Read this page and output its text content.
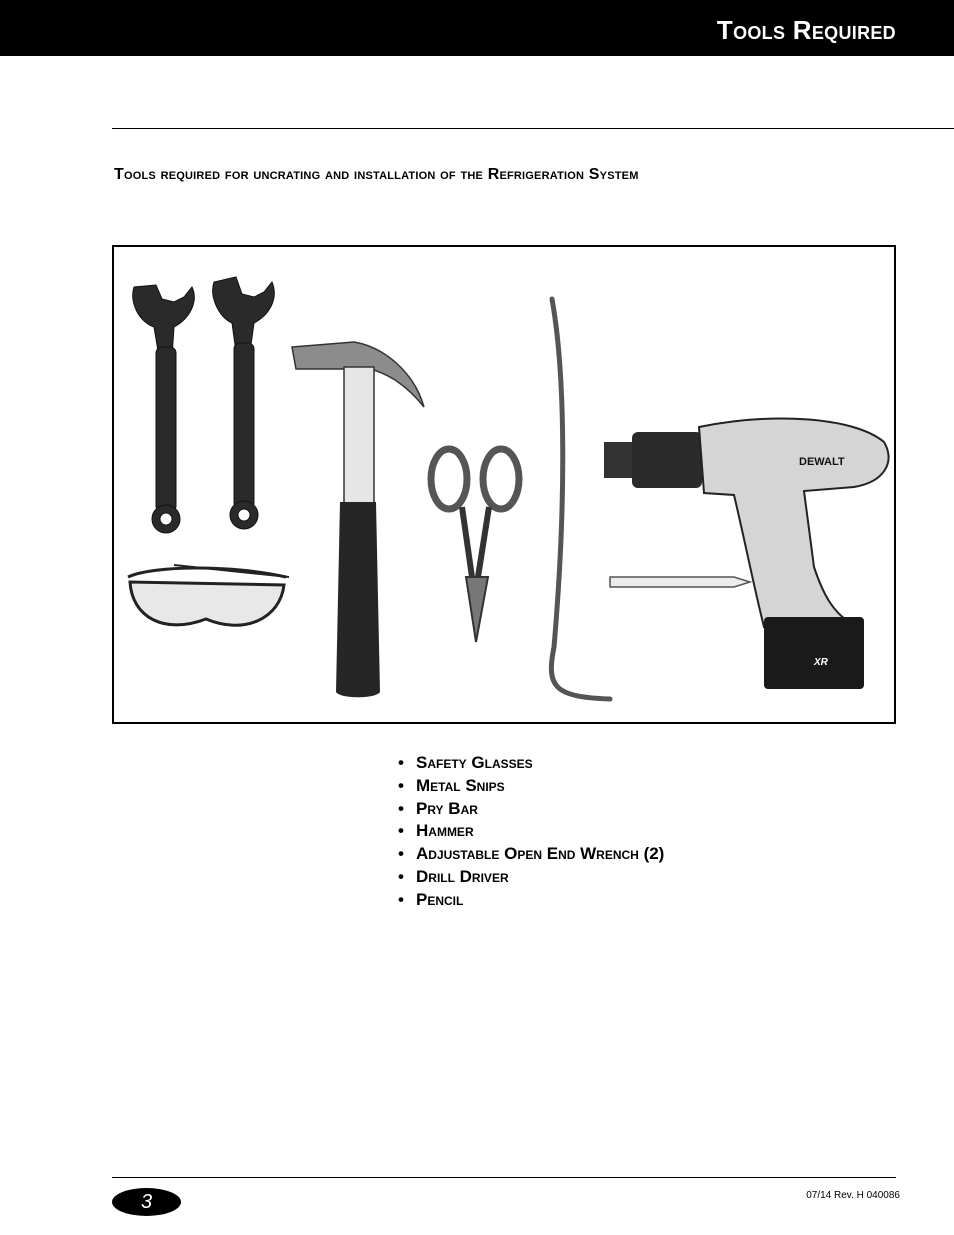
Tools Required
Tools required for uncrating and installation of the Refrigeration System
DEWALT
XR
• Safety Glasses
• Metal Snips
• Pry Bar
• Hammer
• Adjustable Open End Wrench (2)
• Drill Driver
• Pencil
3	07/14 Rev. H 040086
